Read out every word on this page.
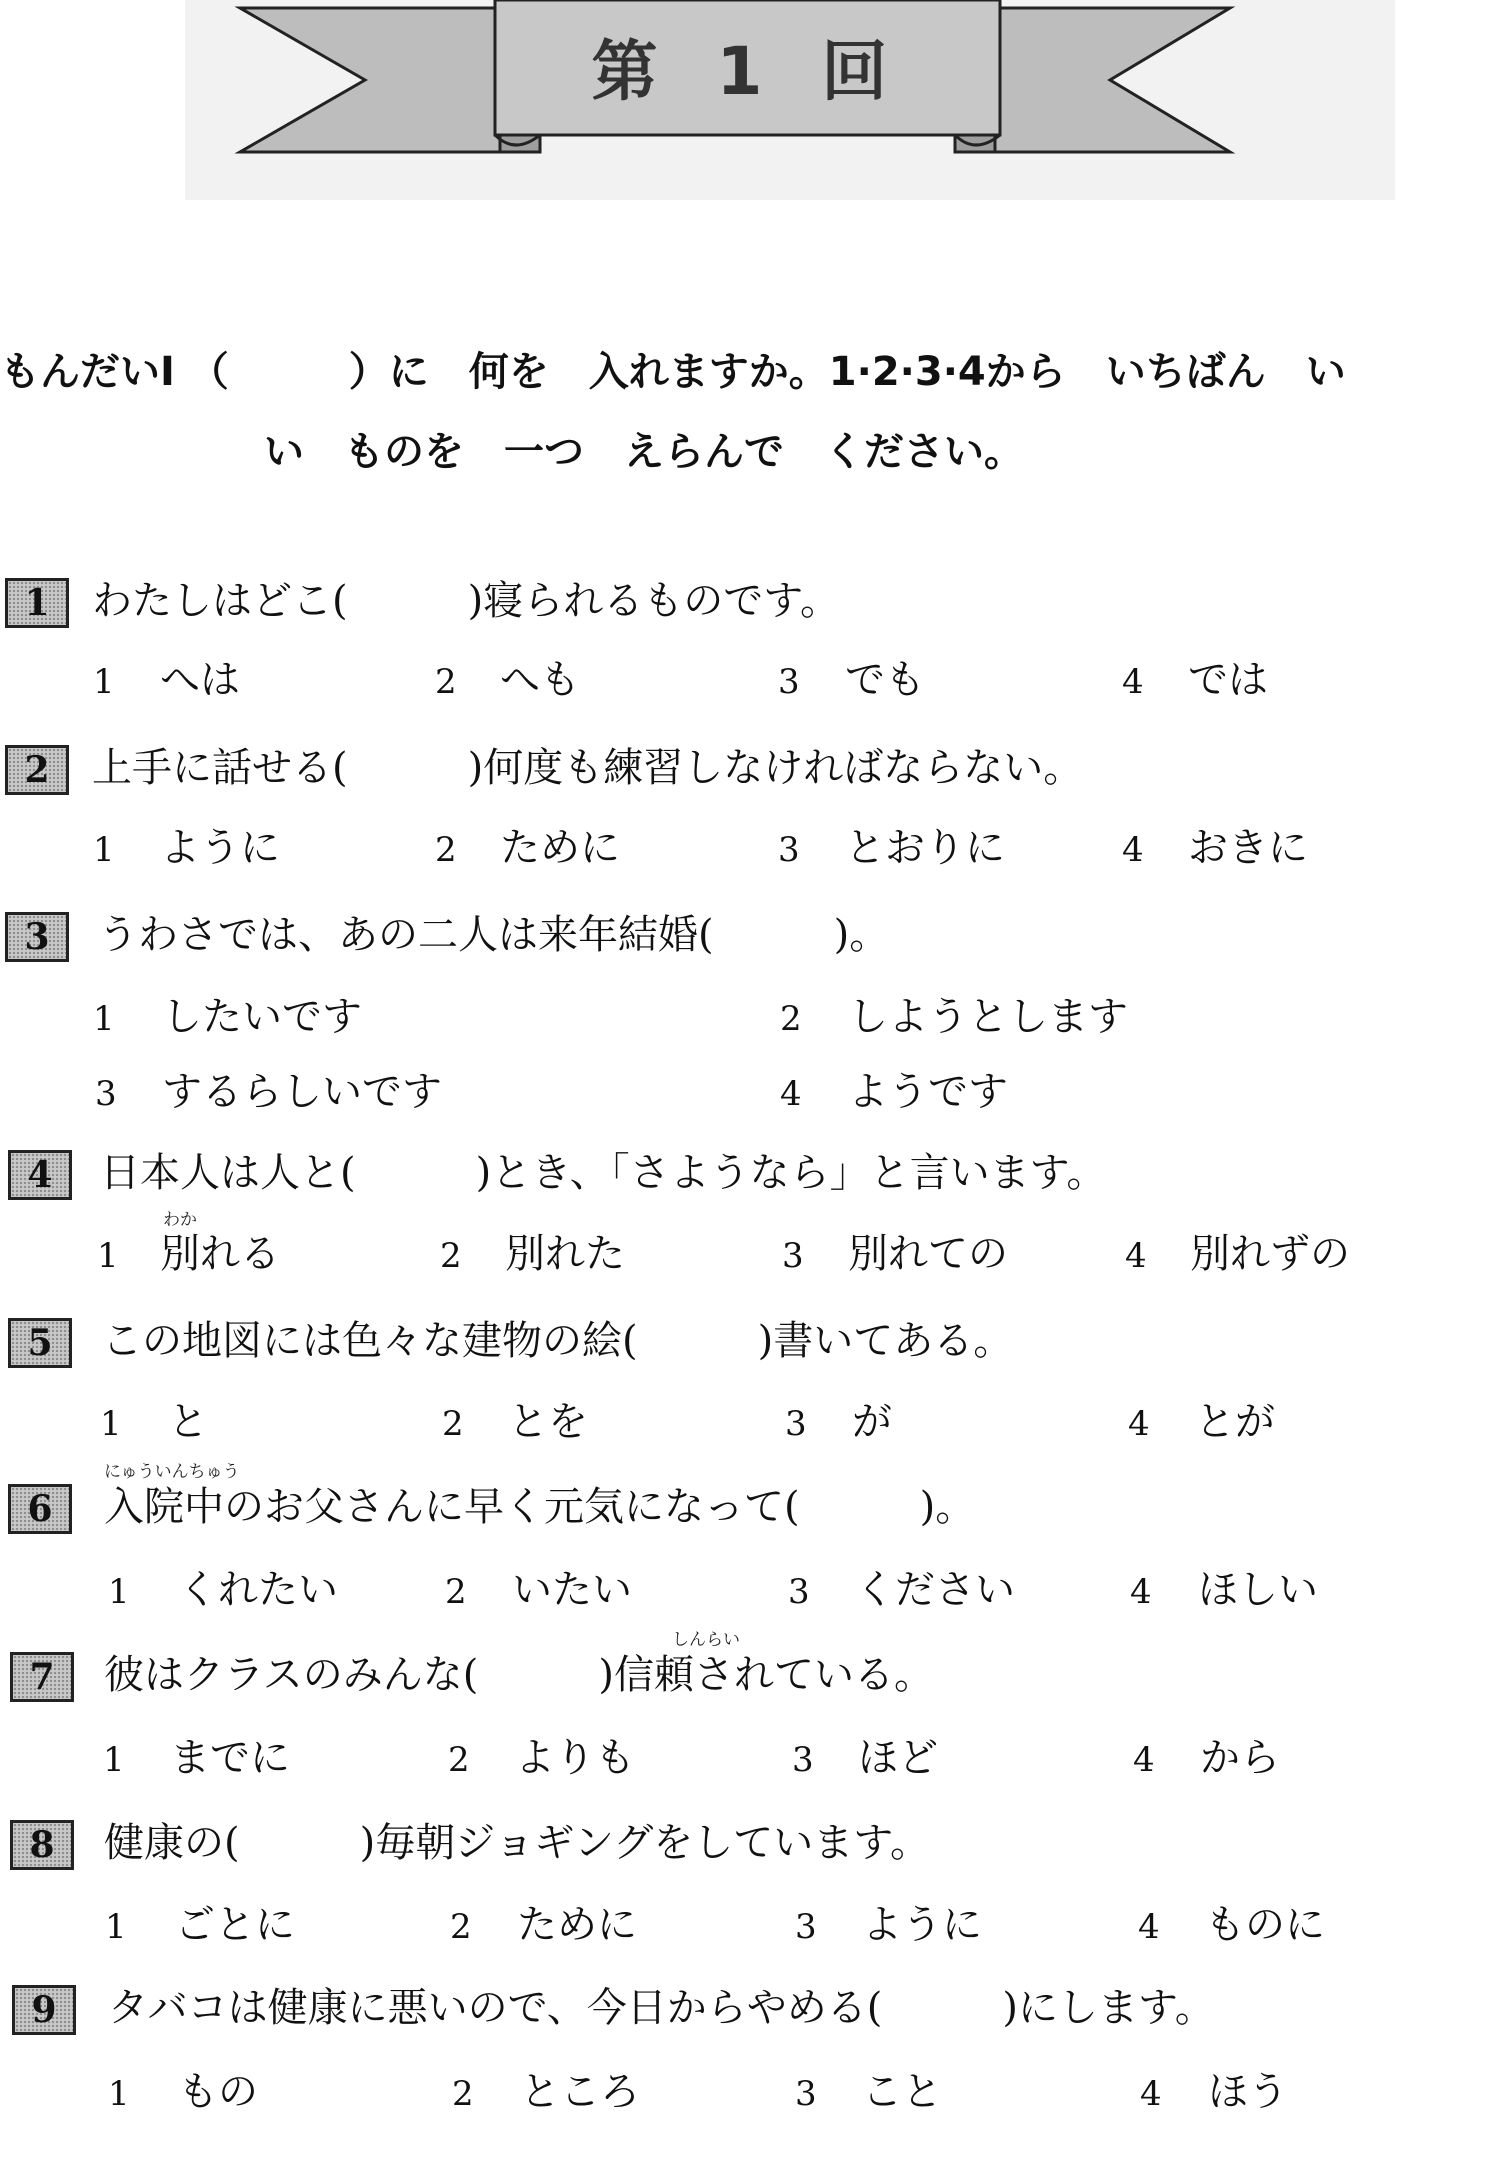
第 1 回
もんだいⅠ （　　　）に　何を　入れますか。1·2·3·4から　いちばん　い
い　ものを　一つ　えらんで　ください。
1	わたしはどこ(　　　)寝られるものです。
1 へは	2 へも	3 でも	4 では
2	上手に話せる(　　　)何度も練習しなければならない。
1 ように	2 ために	3 とおりに	4 おきに
3	うわさでは、あの二人は来年結婚(　　　)。
1 したいです	2 しようとします
3 するらしいです	4 ようです
4	日本人は人と(　　　)とき、「さようなら」と言います。
わか
1 別れる	2 別れた	3 別れての	4 別れずの
5	この地図には色々な建物の絵(　　　)書いてある。
1 と	2 とを	3 が	4 とが
にゅういんちゅう
6	入院中のお父さんに早く元気になって(　　　)。
1 くれたい	2 いたい	3 ください	4 ほしい
7
しんらい
彼はクラスのみんな(　　　)信頼されている。
1 までに	2 よりも	3 ほど	4 から
8	健康の(　　　)毎朝ジョギングをしています。
1 ごとに	2 ために	3 ように	4 ものに
9	タバコは健康に悪いので、今日からやめる(　　　)にします。
1 もの	2 ところ	3 こと	4 ほう
